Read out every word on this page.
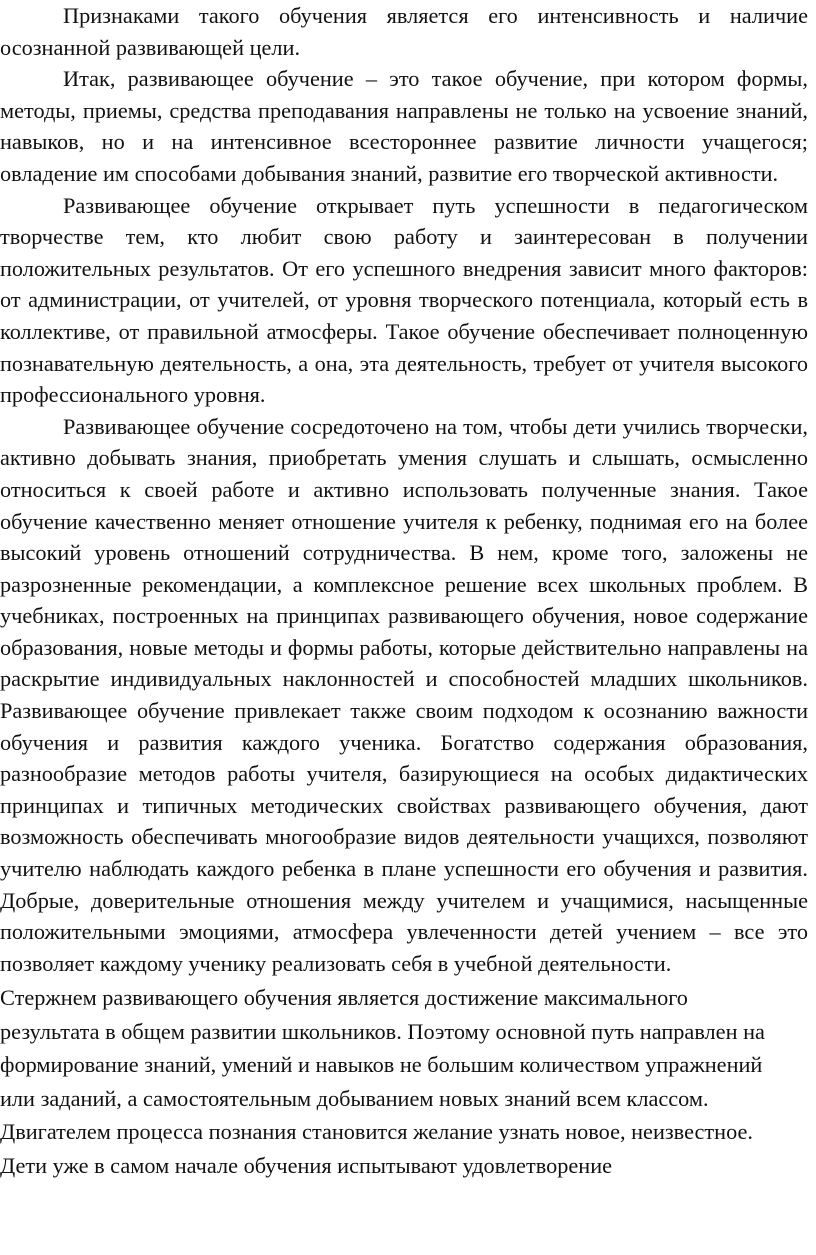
Признаками такого обучения является его интенсивность и наличие осознанной развивающей цели.

Итак, развивающее обучение – это такое обучение, при котором формы, методы, приемы, средства преподавания направлены не только на усвоение знаний, навыков, но и на интенсивное всестороннее развитие личности учащегося; овладение им способами добывания знаний, развитие его творческой активности.

Развивающее обучение открывает путь успешности в педагогическом творчестве тем, кто любит свою работу и заинтересован в получении положительных результатов. От его успешного внедрения зависит много факторов: от администрации, от учителей, от уровня творческого потенциала, который есть в коллективе, от правильной атмосферы. Такое обучение обеспечивает полноценную познавательную деятельность, а она, эта деятельность, требует от учителя высокого профессионального уровня.

Развивающее обучение сосредоточено на том, чтобы дети учились творчески, активно добывать знания, приобретать умения слушать и слышать, осмысленно относиться к своей работе и активно использовать полученные знания. Такое обучение качественно меняет отношение учителя к ребенку, поднимая его на более высокий уровень отношений сотрудничества. В нем, кроме того, заложены не разрозненные рекомендации, а комплексное решение всех школьных проблем. В учебниках, построенных на принципах развивающего обучения, новое содержание образования, новые методы и формы работы, которые действительно направлены на раскрытие индивидуальных наклонностей и способностей младших школьников. Развивающее обучение привлекает также своим подходом к осознанию важности обучения и развития каждого ученика. Богатство содержания образования, разнообразие методов работы учителя, базирующиеся на особых дидактических принципах и типичных методических свойствах развивающего обучения, дают возможность обеспечивать многообразие видов деятельности учащихся, позволяют учителю наблюдать каждого ребенка в плане успешности его обучения и развития. Добрые, доверительные отношения между учителем и учащимися, насыщенные положительными эмоциями, атмосфера увлеченности детей учением – все это позволяет каждому ученику реализовать себя в учебной деятельности.

Стержнем развивающего обучения является достижение максимального результата в общем развитии школьников. Поэтому основной путь направлен на формирование знаний, умений и навыков не большим количеством упражнений или заданий, а самостоятельным добыванием новых знаний всем классом. Двигателем процесса познания становится желание узнать новое, неизвестное. Дети уже в самом начале обучения испытывают удовлетворение
